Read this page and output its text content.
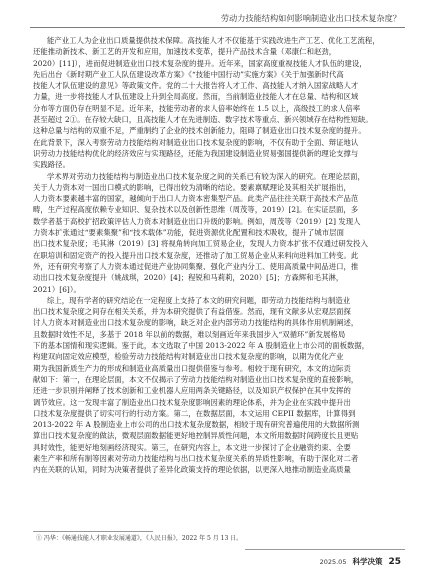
劳动力技能结构如何影响制造业出口技术复杂度？
能产业工人为企业出口质量提供技术保障。高技能人才不仅能基于实践改进生产工艺、优化工艺流程，
还能推动新技术、新工艺的开发和应用，加速技术变革，提升产品技术含量（邓康仁和赵劲，
2020）[11]），进而促进制造业出口技术复杂度的提升。近年来，国家高度重视技能人才队伍的建设，
先后出台《新时期产业工人队伍建设改革方案》《“技能中国行动”实施方案》《关于加强新时代高
技能人才队伍建设的意见》等政策文件。党的二十大报告将人才工作、高技能人才纳入国家战略人才
力量，进一步将技能人才队伍建设上升到全局高度。然而，当前制造业技能人才在总量、结构和区域
分布等方面仍存在明显不足。近年来，技能劳动者的求人倍率始终在 1.5 以上，高级技工的求人倍率
甚至超过 2①。在存较大缺口，且高技能人才在先进制造、数字技术等重点、新兴领域存在结构性短缺。
这种总量与结构的双重不足，严重制约了企业的技术创新能力，阻碍了制造业出口技术复杂度的提升。
在此背景下，深入考察劳动力技能结构对制造业出口技术复杂度的影响，不仅有助于全面、辩证地认
识劳动力技能结构优化的经济效应与实现路径，还能为我国建设制造业贸易强国提供新的理论支撑与
实践路径。
学术界对劳动力技能结构与制造业出口技术复杂度之间的关系已有较为深入的研究。在理论层面，
关于人力资本对一国出口模式的影响，已得出较为清晰的结论。要素禀赋理论及其相关扩展指出，
人力资本要素越丰富的国家，越倾向于出口人力资本密集型产品。此类产品往往关联于高技术产品范
畴，生产过程高度依赖专业知识、复杂技术以及创新性思维（周茂等，2019）[2]。在实证层面，多
数学者基于高校扩招政策评估人力资本对制造业出口升级的影响。例如，周茂等（2019）[2] 发现人
力资本扩张通过“要素集聚”和“技术载体”功能，促进资源优化配置和技术吸收，提升了城市层面
出口技术复杂度；毛其淋（2019）[3] 将视角转向加工贸易企业，发现人力资本扩张不仅通过研发投入
在职培训和固定资产的投入提升出口技术复杂度，还推动了加工贸易企业从来料向进料加工转变。此
外，还有研究考察了人力资本通过促进产业协同集聚、强化产业内分工、使用高质量中间品进口，推
动出口技术复杂度提升（姚战琪，2020）[4]；程锐和马莉莉，2020）[5]；方森辉和毛其淋，
2021）[6]）。
综上，现有学者的研究结论在一定程度上支持了本文的研究问题，即劳动力技能结构与制造业
出口技术复杂度之间存在相关关系，并为本研究提供了有益借鉴。然而，现有文献多从宏观层面探
讨人力资本对制造业出口技术复杂度的影响，缺乏对企业内部劳动力技能结构的具体作用机制阐述，
且数据时效性不足，多基于 2018 年以前的数据，难以刻画近年来我国步入“双循环”新发展格局
下的基本国情和现实逻辑。鉴于此，本文选取了中国 2013-2022 年 A 股制造业上市公司的面板数据，
构建双向固定效应模型，检验劳动力技能结构对制造业出口技术复杂度的影响，以期为优化产业
期为我国新质生产力的形成和制造业高质量出口提供借鉴与参考。相较于现有研究，本文的边际贡
献如下：第一，在理论层面，本文不仅揭示了劳动力技能结构对制造业出口技术复杂度的直接影响，
还进一步识别并阐释了技术创新和工业机器人应用两条关键路径，以及知识产权保护在其中发挥的
调节效应。这一发现丰富了制造业出口技术复杂度影响因素的理论体系，并为企业在实践中提升出
口技术复杂度提供了切实可行的行动方案。第二，在数据层面，本文运用 CEPII 数据库，计算得到
2013-2022 年 A 股制造业上市公司的出口技术复杂度数据，相较于现有研究普遍使用的大数据所测
算出口技术复杂度的做法，微观层面数据能更好地控制异质性问题，本文所用数据时间跨度长且更贴
具时效性，能更好地刻画经济现实。第三，在研究内容上，本文进一步探讨了企业融资约束、全要
素生产率和所有制等因素对劳动力技能结构与出口技术复杂度关系的异质性影响，有助于深化对二者
内在关联的认知，同时为决策者提供了差异化政策支持的理论依据，以更深入地推动制造业高质量
① 冯华：《畅通技能人才职业发展通道》，《人民日报》，2022 年 5 月 13 日。
2025.05 科学决策 25
